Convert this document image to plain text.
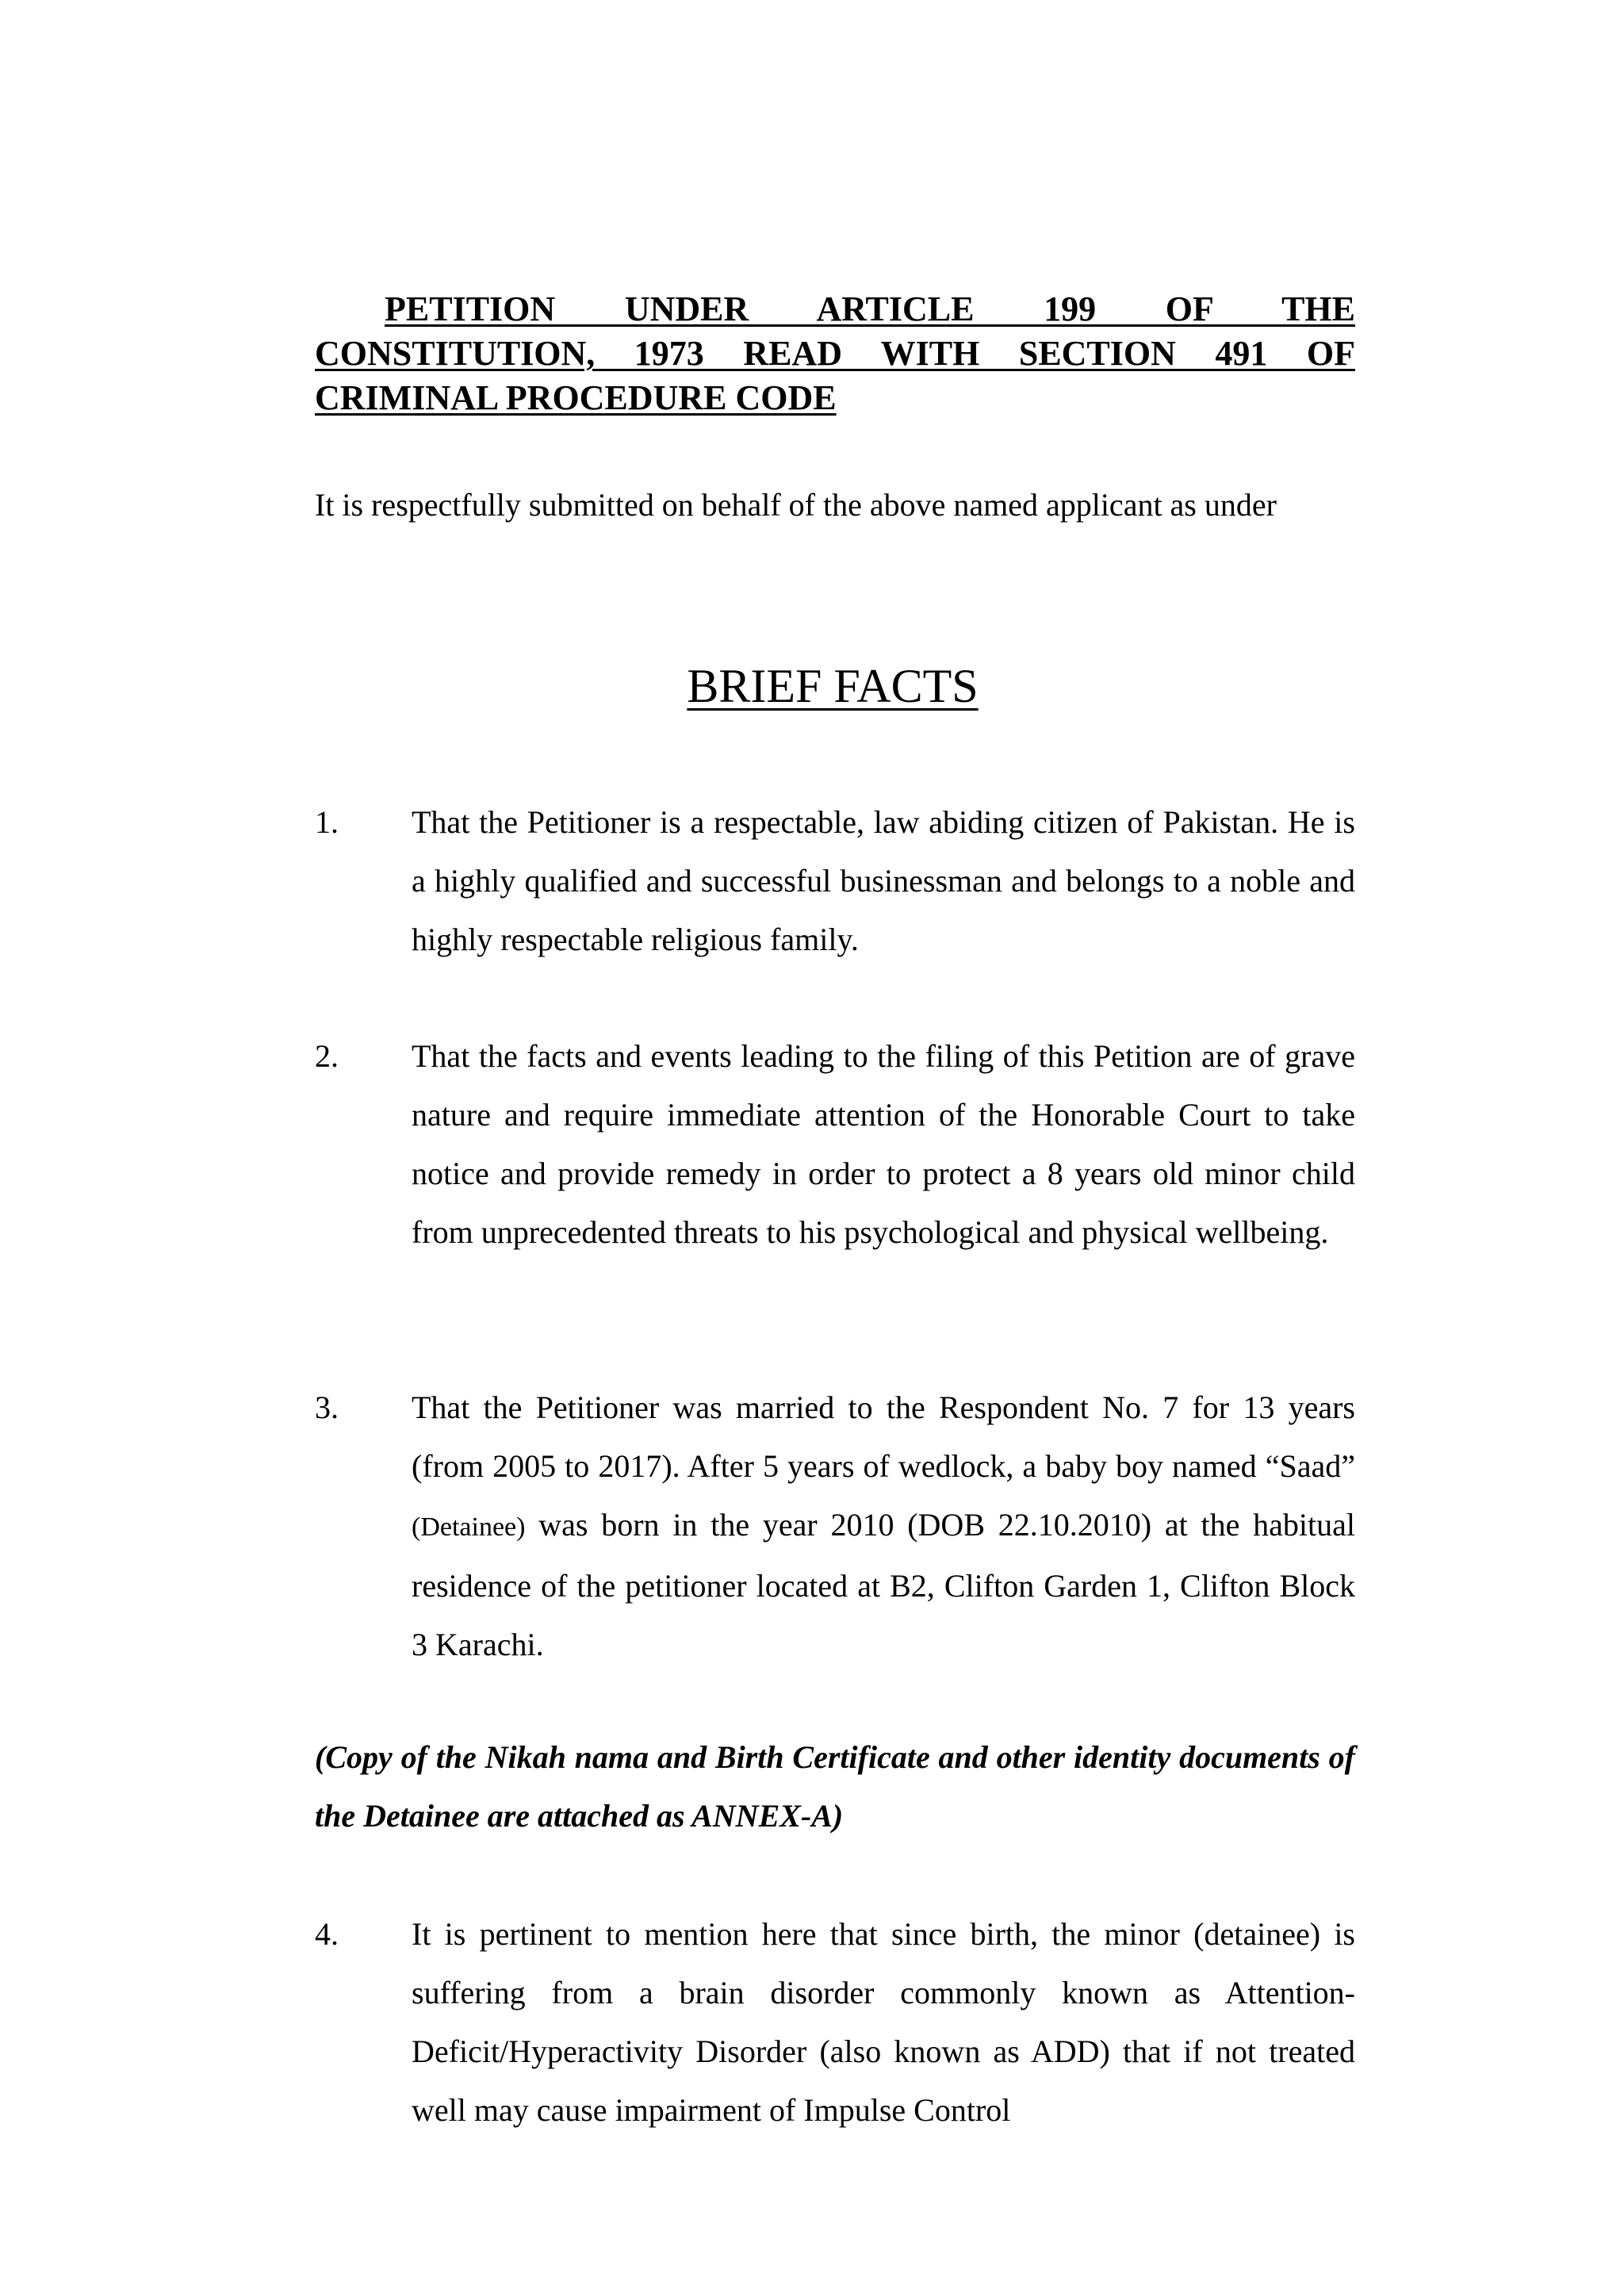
PETITION UNDER ARTICLE 199 OF THE
CONSTITUTION, 1973 READ WITH SECTION 491 OF
CRIMINAL PROCEDURE CODE
It is respectfully submitted on behalf of the above named applicant as under
BRIEF FACTS
1.	That the Petitioner is a respectable, law abiding citizen of Pakistan. He is a highly qualified and successful businessman and belongs to a noble and highly respectable religious family.
2.	That the facts and events leading to the filing of this Petition are of grave nature and require immediate attention of the Honorable Court to take notice and provide remedy in order to protect a 8 years old minor child from unprecedented threats to his psychological and physical wellbeing.
3.	That the Petitioner was married to the Respondent No. 7 for 13 years (from 2005 to 2017). After 5 years of wedlock, a baby boy named “Saad” (Detainee) was born in the year 2010 (DOB 22.10.2010) at the habitual residence of the petitioner located at B2, Clifton Garden 1, Clifton Block 3 Karachi.
(Copy of the Nikah nama and Birth Certificate and other identity documents of the Detainee are attached as ANNEX-A)
4.	It is pertinent to mention here that since birth, the minor (detainee) is suffering from a brain disorder commonly known as Attention-Deficit/Hyperactivity Disorder (also known as ADD) that if not treated well may cause impairment of Impulse Control
